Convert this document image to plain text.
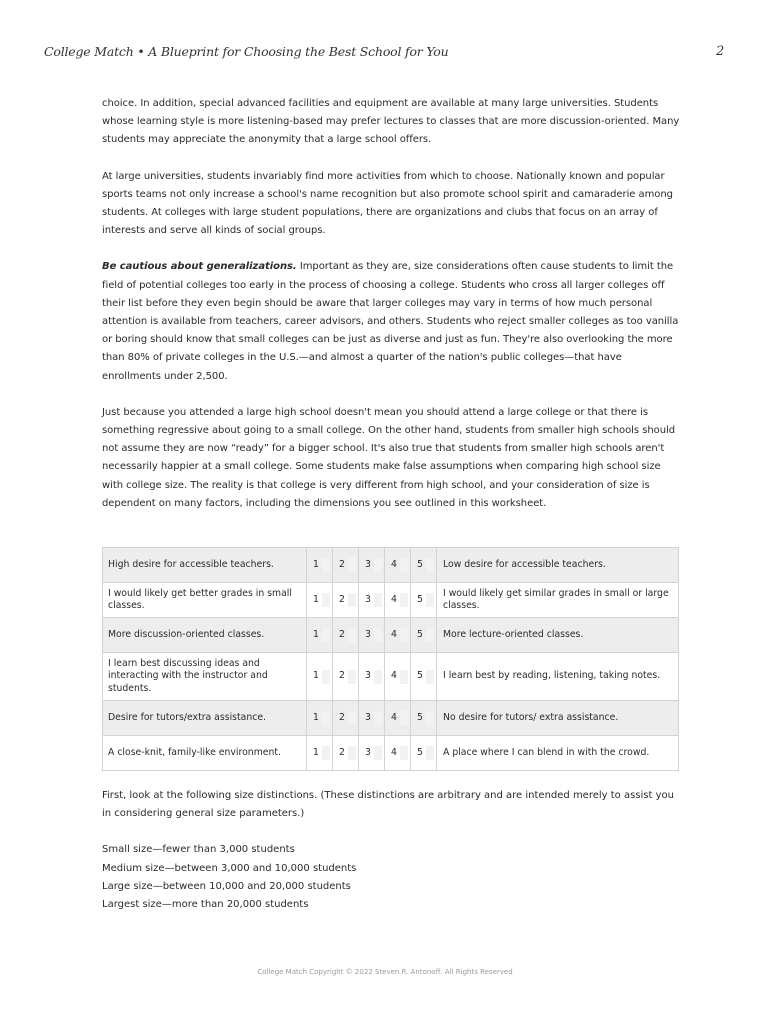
College Match • A Blueprint for Choosing the Best School for You	2

choice. In addition, special advanced facilities and equipment are available at many large universities. Students whose learning style is more listening-based may prefer lectures to classes that are more discussion-oriented. Many students may appreciate the anonymity that a large school offers.

At large universities, students invariably find more activities from which to choose. Nationally known and popular sports teams not only increase a school's name recognition but also promote school spirit and camaraderie among students. At colleges with large student populations, there are organizations and clubs that focus on an array of interests and serve all kinds of social groups.

Be cautious about generalizations. Important as they are, size considerations often cause students to limit the field of potential colleges too early in the process of choosing a college. Students who cross all larger colleges off their list before they even begin should be aware that larger colleges may vary in terms of how much personal attention is available from teachers, career advisors, and others. Students who reject smaller colleges as too vanilla or boring should know that small colleges can be just as diverse and just as fun. They're also overlooking the more than 80% of private colleges in the U.S.—and almost a quarter of the nation's public colleges—that have enrollments under 2,500.

Just because you attended a large high school doesn't mean you should attend a large college or that there is something regressive about going to a small college. On the other hand, students from smaller high schools should not assume they are now “ready” for a bigger school. It's also true that students from smaller high schools aren't necessarily happier at a small college. Some students make false assumptions when comparing high school size with college size. The reality is that college is very different from high school, and your consideration of size is dependent on many factors, including the dimensions you see outlined in this worksheet.

High desire for accessible teachers.	1	2	3	4	5	Low desire for accessible teachers.
I would likely get better grades in small classes.	1	2	3	4	5	I would likely get similar grades in small or large classes.
More discussion-oriented classes.	1	2	3	4	5	More lecture-oriented classes.
I learn best discussing ideas and interacting with the instructor and students.	1	2	3	4	5	I learn best by reading, listening, taking notes.
Desire for tutors/extra assistance.	1	2	3	4	5	No desire for tutors/ extra assistance.
A close-knit, family-like environment.	1	2	3	4	5	A place where I can blend in with the crowd.

First, look at the following size distinctions. (These distinctions are arbitrary and are intended merely to assist you in considering general size parameters.)

Small size—fewer than 3,000 students

Medium size—between 3,000 and 10,000 students

Large size—between 10,000 and 20,000 students

Largest size—more than 20,000 students

College Match Copyright © 2022 Steven R. Antonoff. All Rights Reserved
